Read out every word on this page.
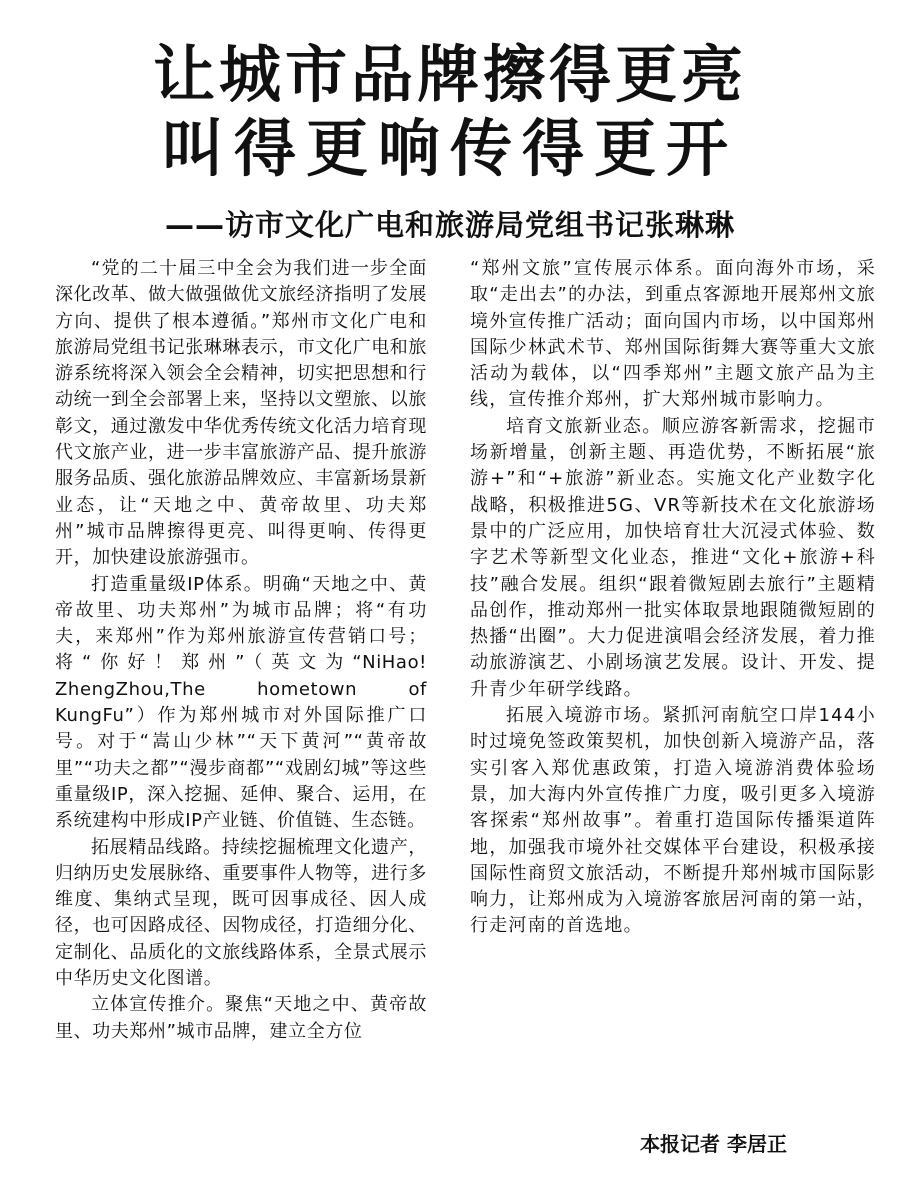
让城市品牌擦得更亮
叫得更响传得更开
——访市文化广电和旅游局党组书记张琳琳

“党的二十届三中全会为我们进一步全面深化改革、做大做强做优文旅经济指明了发展方向、提供了根本遵循。”郑州市文化广电和旅游局党组书记张琳琳表示，市文化广电和旅游系统将深入领会全会精神，切实把思想和行动统一到全会部署上来，坚持以文塑旅、以旅彰文，通过激发中华优秀传统文化活力培育现代文旅产业，进一步丰富旅游产品、提升旅游服务品质、强化旅游品牌效应、丰富新场景新业态，让“天地之中、黄帝故里、功夫郑州”城市品牌擦得更亮、叫得更响、传得更开，加快建设旅游强市。

打造重量级IP体系。明确“天地之中、黄帝故里、功夫郑州”为城市品牌；将“有功夫，来郑州”作为郑州旅游宣传营销口号；将“你好！郑州”（英文为“NiHao! ZhengZhou,The hometown of KungFu”）作为郑州城市对外国际推广口号。对于“嵩山少林”“天下黄河”“黄帝故里”“功夫之都”“漫步商都”“戏剧幻城”等这些重量级IP，深入挖掘、延伸、聚合、运用，在系统建构中形成IP产业链、价值链、生态链。

拓展精品线路。持续挖掘梳理文化遗产，归纳历史发展脉络、重要事件人物等，进行多维度、集纳式呈现，既可因事成径、因人成径，也可因路成径、因物成径，打造细分化、定制化、品质化的文旅线路体系，全景式展示中华历史文化图谱。

立体宣传推介。聚焦“天地之中、黄帝故里、功夫郑州”城市品牌，建立全方位

“郑州文旅”宣传展示体系。面向海外市场，采取“走出去”的办法，到重点客源地开展郑州文旅境外宣传推广活动；面向国内市场，以中国郑州国际少林武术节、郑州国际街舞大赛等重大文旅活动为载体，以“四季郑州”主题文旅产品为主线，宣传推介郑州，扩大郑州城市影响力。

培育文旅新业态。顺应游客新需求，挖掘市场新增量，创新主题、再造优势，不断拓展“旅游+”和“+旅游”新业态。实施文化产业数字化战略，积极推进5G、VR等新技术在文化旅游场景中的广泛应用，加快培育壮大沉浸式体验、数字艺术等新型文化业态，推进“文化+旅游+科技”融合发展。组织“跟着微短剧去旅行”主题精品创作，推动郑州一批实体取景地跟随微短剧的热播“出圈”。大力促进演唱会经济发展，着力推动旅游演艺、小剧场演艺发展。设计、开发、提升青少年研学线路。

拓展入境游市场。紧抓河南航空口岸144小时过境免签政策契机，加快创新入境游产品，落实引客入郑优惠政策，打造入境游消费体验场景，加大海内外宣传推广力度，吸引更多入境游客探索“郑州故事”。着重打造国际传播渠道阵地，加强我市境外社交媒体平台建设，积极承接国际性商贸文旅活动，不断提升郑州城市国际影响力，让郑州成为入境游客旅居河南的第一站，行走河南的首选地。

本报记者 李居正
